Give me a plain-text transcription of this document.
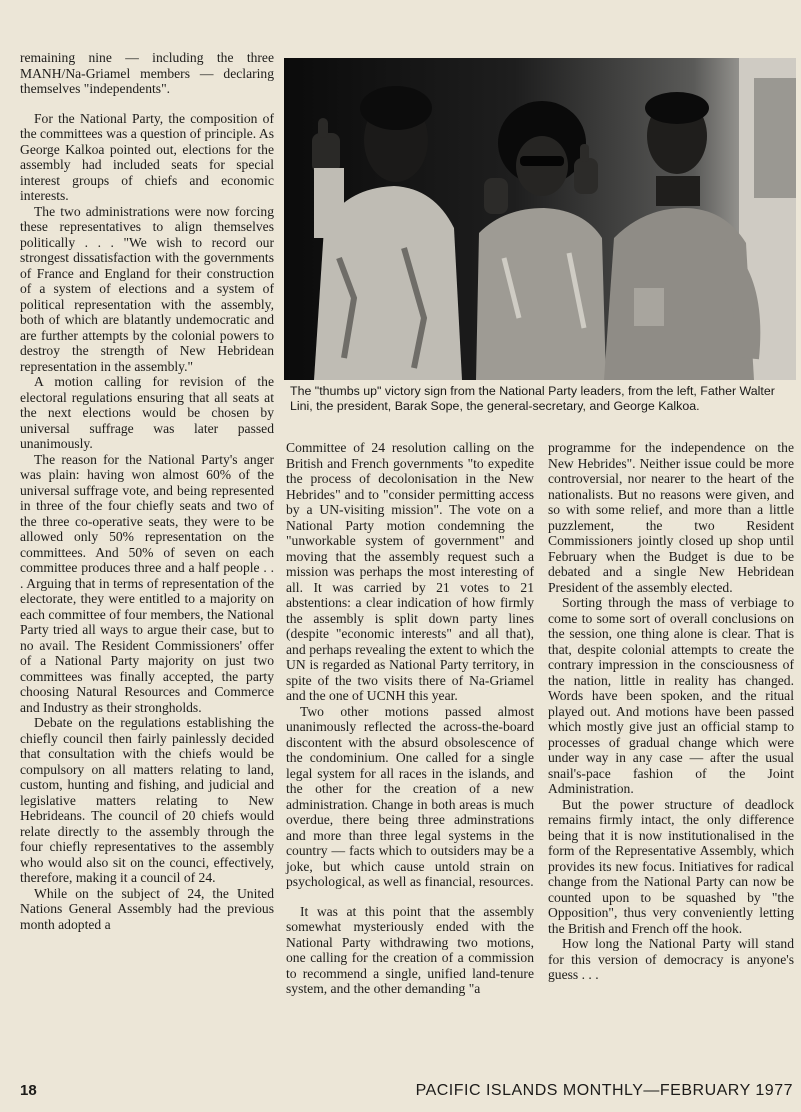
remaining nine — including the three MANH/Na-Griamel members — declaring themselves "independents".

For the National Party, the composition of the committees was a question of principle. As George Kalkoa pointed out, elections for the assembly had included seats for special interest groups of chiefs and economic interests.

The two administrations were now forcing these representatives to align themselves politically . . . "We wish to record our strongest dissatisfaction with the governments of France and England for their construction of a system of elections and a system of political representation with the assembly, both of which are blatantly undemocratic and are further attempts by the colonial powers to destroy the strength of New Hebridean representation in the assembly."

A motion calling for revision of the electoral regulations ensuring that all seats at the next elections would be chosen by universal suffrage was later passed unanimously.

The reason for the National Party's anger was plain: having won almost 60% of the universal suffrage vote, and being represented in three of the four chiefly seats and two of the three co-operative seats, they were to be allowed only 50% representation on the committees. And 50% of seven on each committee produces three and a half people . . . Arguing that in terms of representation of the electorate, they were entitled to a majority on each committee of four members, the National Party tried all ways to argue their case, but to no avail. The Resident Commissioners' offer of a National Party majority on just two committees was finally accepted, the party choosing Natural Resources and Commerce and Industry as their strongholds.

Debate on the regulations establishing the chiefly council then fairly painlessly decided that consultation with the chiefs would be compulsory on all matters relating to land, custom, hunting and fishing, and judicial and legislative matters relating to New Hebrideans. The council of 20 chiefs would relate directly to the assembly through the four chiefly representatives to the assembly who would also sit on the counci, effectively, therefore, making it a council of 24.

While on the subject of 24, the United Nations General Assembly had the previous month adopted a

The "thumbs up" victory sign from the National Party leaders, from the left, Father Walter Lini, the president, Barak Sope, the general-secretary, and George Kalkoa.

Committee of 24 resolution calling on the British and French governments "to expedite the process of decolonisation in the New Hebrides" and to "consider permitting access by a UN-visiting mission". The vote on a National Party motion condemning the "unworkable system of government" and moving that the assembly request such a mission was perhaps the most interesting of all. It was carried by 21 votes to 21 abstentions: a clear indication of how firmly the assembly is split down party lines (despite "economic interests" and all that), and perhaps revealing the extent to which the UN is regarded as National Party territory, in spite of the two visits there of Na-Griamel and the one of UCNH this year.

Two other motions passed almost unanimously reflected the across-the-board discontent with the absurd obsolescence of the condominium. One called for a single legal system for all races in the islands, and the other for the creation of a new administration. Change in both areas is much overdue, there being three adminstrations and more than three legal systems in the country — facts which to outsiders may be a joke, but which cause untold strain on psychological, as well as financial, resources.

It was at this point that the assembly somewhat mysteriously ended with the National Party withdrawing two motions, one calling for the creation of a commission to recommend a single, unified land-tenure system, and the other demanding "a

programme for the independence on the New Hebrides". Neither issue could be more controversial, nor nearer to the heart of the nationalists. But no reasons were given, and so with some relief, and more than a little puzzlement, the two Resident Commissioners jointly closed up shop until February when the Budget is due to be debated and a single New Hebridean President of the assembly elected.

Sorting through the mass of verbiage to come to some sort of overall conclusions on the session, one thing alone is clear. That is that, despite colonial attempts to create the contrary impression in the consciousness of the nation, little in reality has changed. Words have been spoken, and the ritual played out. And motions have been passed which mostly give just an official stamp to processes of gradual change which were under way in any case — after the usual snail's-pace fashion of the Joint Administration.

But the power structure of deadlock remains firmly intact, the only difference being that it is now institutionalised in the form of the Representative Assembly, which provides its new focus. Initiatives for radical change from the National Party can now be counted upon to be squashed by "the Opposition", thus very conveniently letting the British and French off the hook.

How long the National Party will stand for this version of democracy is anyone's guess . . .

18	PACIFIC ISLANDS MONTHLY—FEBRUARY 1977
